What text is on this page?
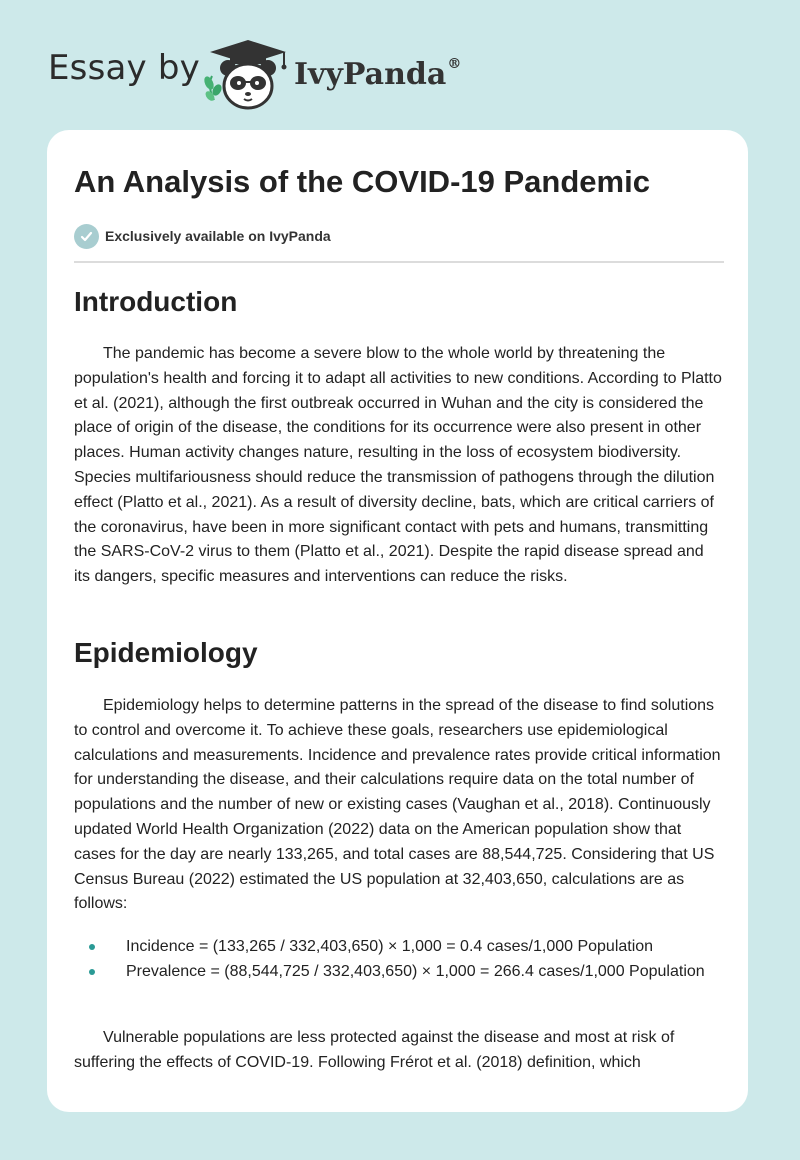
Essay by	IvyPanda®
An Analysis of the COVID-19 Pandemic
Exclusively available on IvyPanda
Introduction

The pandemic has become a severe blow to the whole world by threatening the population's health and forcing it to adapt all activities to new conditions. According to Platto et al. (2021), although the first outbreak occurred in Wuhan and the city is considered the place of origin of the disease, the conditions for its occurrence were also present in other places. Human activity changes nature, resulting in the loss of ecosystem biodiversity. Species multifariousness should reduce the transmission of pathogens through the dilution effect (Platto et al., 2021). As a result of diversity decline, bats, which are critical carriers of the coronavirus, have been in more significant contact with pets and humans, transmitting the SARS-CoV-2 virus to them (Platto et al., 2021). Despite the rapid disease spread and its dangers, specific measures and interventions can reduce the risks.

Epidemiology

Epidemiology helps to determine patterns in the spread of the disease to find solutions to control and overcome it. To achieve these goals, researchers use epidemiological calculations and measurements. Incidence and prevalence rates provide critical information for understanding the disease, and their calculations require data on the total number of populations and the number of new or existing cases (Vaughan et al., 2018). Continuously updated World Health Organization (2022) data on the American population show that cases for the day are nearly 133,265, and total cases are 88,544,725. Considering that US Census Bureau (2022) estimated the US population at 32,403,650, calculations are as follows:

Incidence = (133,265 / 332,403,650) × 1,000 = 0.4 cases/1,000 Population
Prevalence = (88,544,725 / 332,403,650) × 1,000 = 266.4 cases/1,000 Population

Vulnerable populations are less protected against the disease and most at risk of suffering the effects of COVID-19. Following Frérot et al. (2018) definition, which
